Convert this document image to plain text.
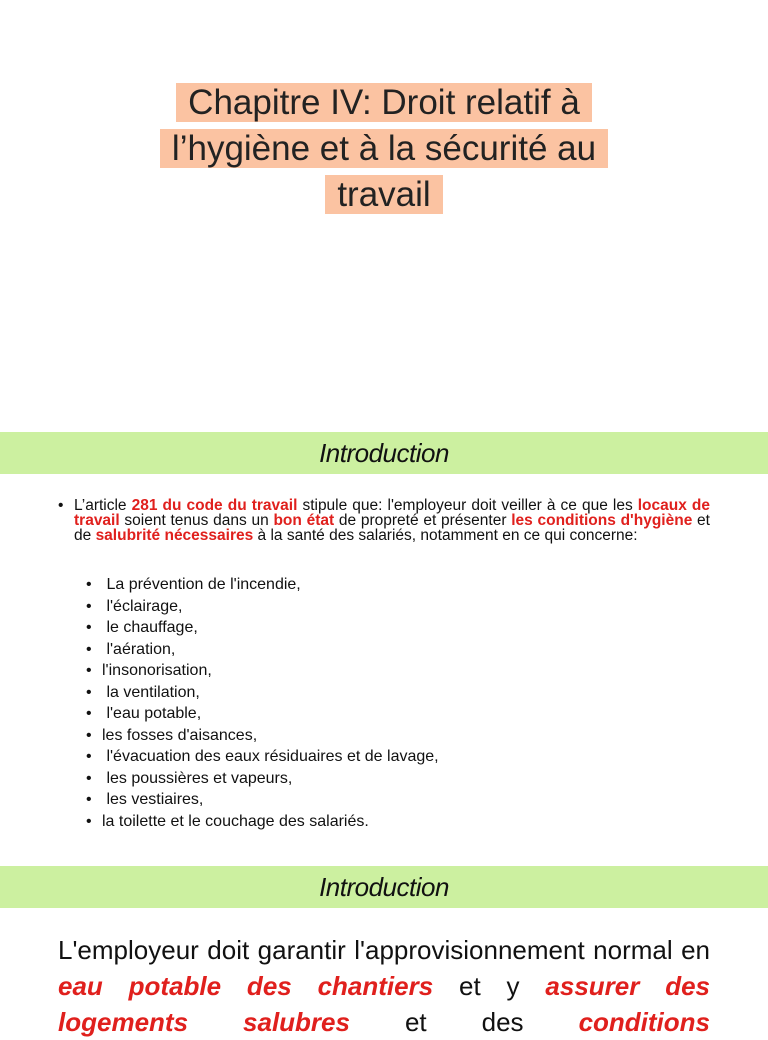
Chapitre IV: Droit relatif à
l’hygiène et à la sécurité au
travail
Introduction
• L’article 281 du code du travail stipule que: l'employeur doit veiller à ce que les locaux de travail soient tenus dans un bon état de propreté et présenter les conditions d'hygiène et de salubrité nécessaires à la santé des salariés, notamment en ce qui concerne:
• La prévention de l'incendie,
• l'éclairage,
• le chauffage,
• l'aération,
• l'insonorisation,
• la ventilation,
• l'eau potable,
• les fosses d'aisances,
• l'évacuation des eaux résiduaires et de lavage,
• les poussières et vapeurs,
• les vestiaires,
• la toilette et le couchage des salariés.
Introduction
L'employeur doit garantir l'approvisionnement normal en eau potable des chantiers et y assurer des logements salubres et des conditions
